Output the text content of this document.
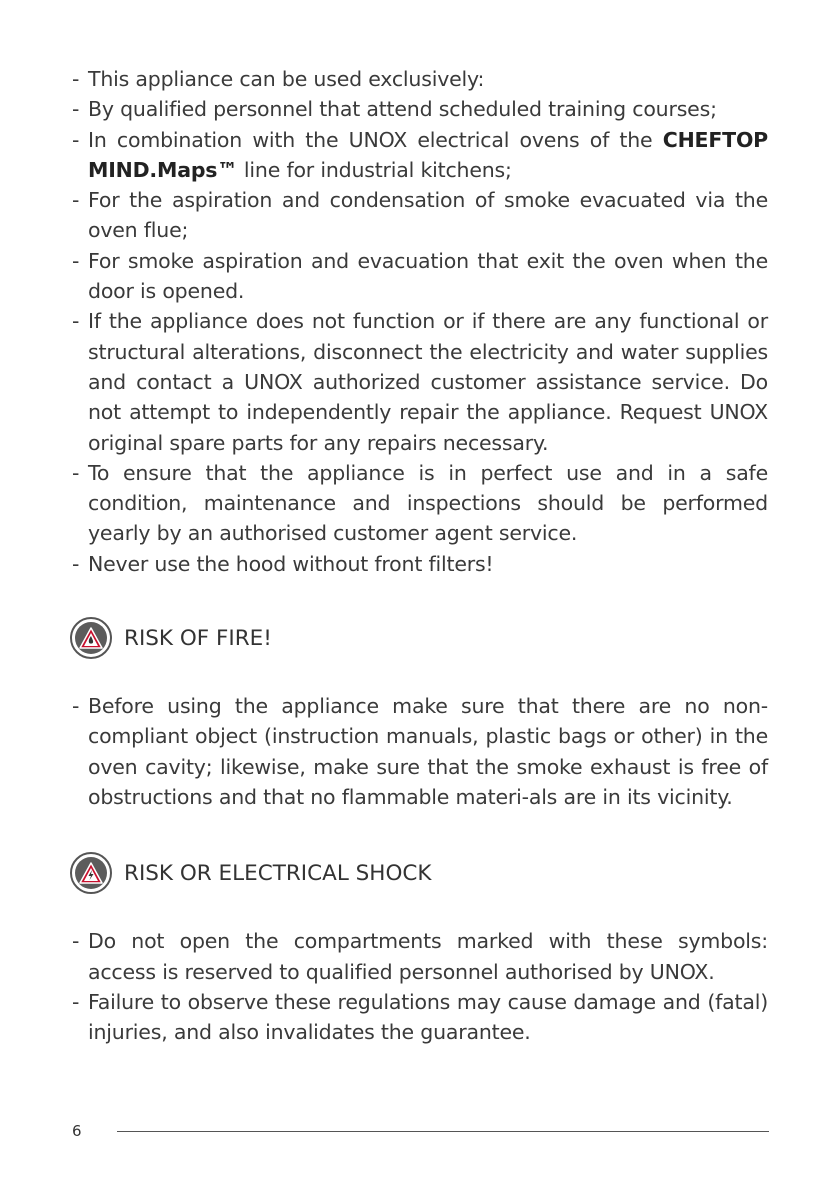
- This appliance can be used exclusively:
- By qualified personnel that attend scheduled training courses;
- In combination with the UNOX electrical ovens of the CHEFTOP MIND.Maps™ line for industrial kitchens;
- For the aspiration and condensation of smoke evacuated via the oven flue;
- For smoke aspiration and evacuation that exit the oven when the door is opened.
- If the appliance does not function or if there are any functional or structural alterations, disconnect the electricity and water supplies and contact a UNOX authorized customer assistance service. Do not attempt to independently repair the appliance. Request UNOX original spare parts for any repairs necessary.
- To ensure that the appliance is in perfect use and in a safe condition, maintenance and inspections should be performed yearly by an authorised customer agent service.
- Never use the hood without front filters!
RISK OF FIRE!
- Before using the appliance make sure that there are no non-compliant object (instruction manuals, plastic bags or other) in the oven cavity; likewise, make sure that the smoke exhaust is free of obstructions and that no flammable materi-als are in its vicinity.
RISK OR ELECTRICAL SHOCK
- Do not open the compartments marked with these symbols: access is reserved to qualified personnel authorised by UNOX.
- Failure to observe these regulations may cause damage and (fatal) injuries, and also invalidates the guarantee.
6
